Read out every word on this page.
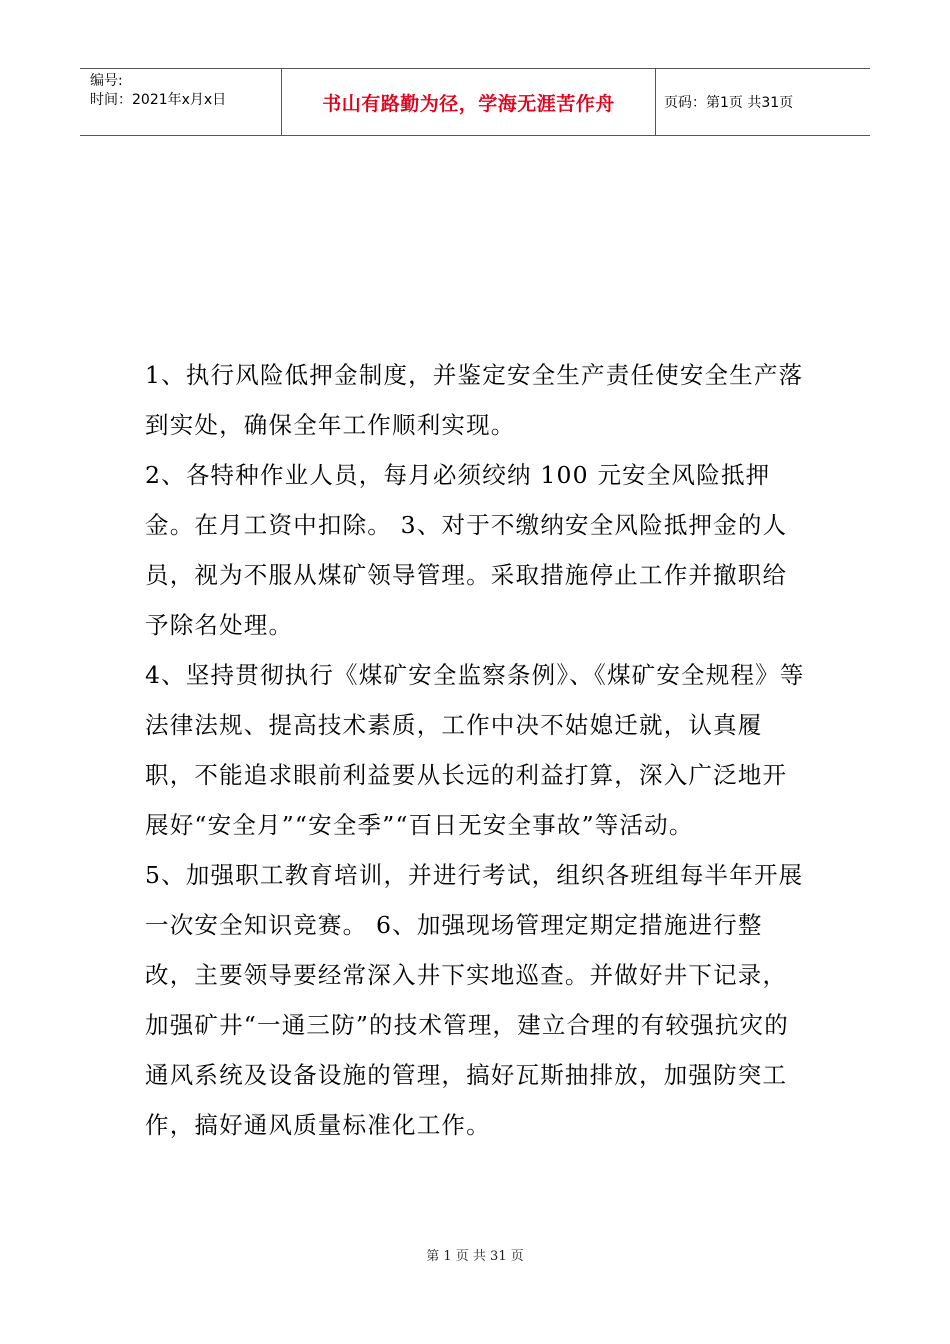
编号:
时间：2021年x月x日	书山有路勤为径，学海无涯苦作舟	页码：第1页 共31页

1、执行风险低押金制度，并鉴定安全生产责任使安全生产落到实处，确保全年工作顺利实现。

2、各特种作业人员，每月必须绞纳 100 元安全风险抵押金。在月工资中扣除。 3、对于不缴纳安全风险抵押金的人员，视为不服从煤矿领导管理。采取措施停止工作并撤职给予除名处理。

4、坚持贯彻执行《煤矿安全监察条例》、《煤矿安全规程》等法律法规、提高技术素质，工作中决不姑媳迁就，认真履职，不能追求眼前利益要从长远的利益打算，深入广泛地开展好“安全月”“安全季”“百日无安全事故”等活动。

5、加强职工教育培训，并进行考试，组织各班组每半年开展一次安全知识竞赛。 6、加强现场管理定期定措施进行整改，主要领导要经常深入井下实地巡查。并做好井下记录，加强矿井“一通三防”的技术管理，建立合理的有较强抗灾的通风系统及设备设施的管理，搞好瓦斯抽排放，加强防突工作，搞好通风质量标准化工作。

第 1 页 共 31 页
